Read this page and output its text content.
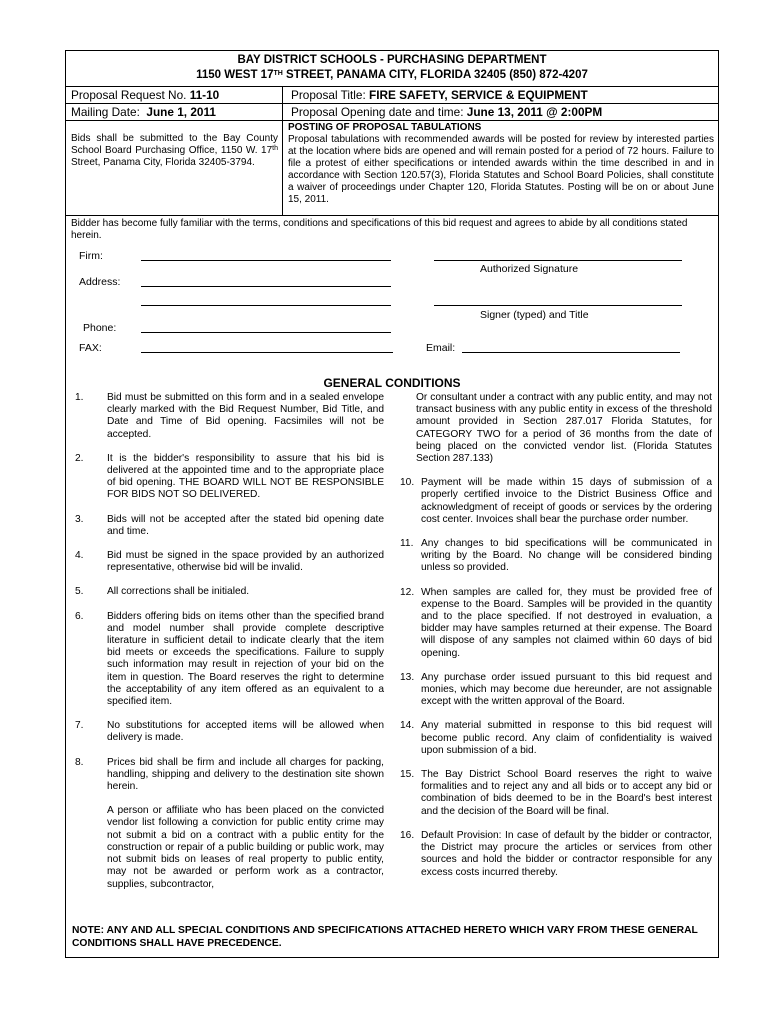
BAY DISTRICT SCHOOLS - PURCHASING DEPARTMENT
1150 WEST 17TH STREET, PANAMA CITY, FLORIDA 32405 (850) 872-4207
Proposal Request No. 11-10	Proposal Title: FIRE SAFETY, SERVICE & EQUIPMENT
Mailing Date:  June 1, 2011	Proposal Opening date and time: June 13, 2011 @ 2:00PM
Bids shall be submitted to the Bay County School Board Purchasing Office, 1150 W. 17th Street, Panama City, Florida 32405-3794.
POSTING OF PROPOSAL TABULATIONS
Proposal tabulations with recommended awards will be posted for review by interested parties at the location where bids are opened and will remain posted for a period of 72 hours. Failure to file a protest of either specifications or intended awards within the time described in and in accordance with Section 120.57(3), Florida Statutes and School Board Policies, shall constitute a waiver of proceedings under Chapter 120, Florida Statutes. Posting will be on or about June 15, 2011.
Bidder has become fully familiar with the terms, conditions and specifications of this bid request and agrees to abide by all conditions stated herein.
Firm:
Authorized Signature
Address:
Signer (typed) and Title
Phone:
FAX:	Email:
GENERAL CONDITIONS
1.	Bid must be submitted on this form and in a sealed envelope clearly marked with the Bid Request Number, Bid Title, and Date and Time of Bid opening. Facsimiles will not be accepted.
2.	It is the bidder's responsibility to assure that his bid is delivered at the appointed time and to the appropriate place of bid opening. THE BOARD WILL NOT BE RESPONSIBLE FOR BIDS NOT SO DELIVERED.
3.	Bids will not be accepted after the stated bid opening date and time.
4.	Bid must be signed in the space provided by an authorized representative, otherwise bid will be invalid.
5.	All corrections shall be initialed.
6.	Bidders offering bids on items other than the specified brand and model number shall provide complete descriptive literature in sufficient detail to indicate clearly that the item bid meets or exceeds the specifications. Failure to supply such information may result in rejection of your bid on the item in question. The Board reserves the right to determine the acceptability of any item offered as an equivalent to a specified item.
7.	No substitutions for accepted items will be allowed when delivery is made.
8.	Prices bid shall be firm and include all charges for packing, handling, shipping and delivery to the destination site shown herein.
A person or affiliate who has been placed on the convicted vendor list following a conviction for public entity crime may not submit a bid on a contract with a public entity for the construction or repair of a public building or public work, may not submit bids on leases of real property to public entity, may not be awarded or perform work as a contractor, supplies, subcontractor,
Or consultant under a contract with any public entity, and may not transact business with any public entity in excess of the threshold amount provided in Section 287.017 Florida Statutes, for CATEGORY TWO for a period of 36 months from the date of being placed on the convicted vendor list. (Florida Statutes Section 287.133)
10. Payment will be made within 15 days of submission of a properly certified invoice to the District Business Office and acknowledgment of receipt of goods or services by the ordering cost center. Invoices shall bear the purchase order number.
11. Any changes to bid specifications will be communicated in writing by the Board. No change will be considered binding unless so provided.
12. When samples are called for, they must be provided free of expense to the Board. Samples will be provided in the quantity and to the place specified. If not destroyed in evaluation, a bidder may have samples returned at their expense. The Board will dispose of any samples not claimed within 60 days of bid opening.
13. Any purchase order issued pursuant to this bid request and monies, which may become due hereunder, are not assignable except with the written approval of the Board.
14. Any material submitted in response to this bid request will become public record. Any claim of confidentiality is waived upon submission of a bid.
15. The Bay District School Board reserves the right to waive formalities and to reject any and all bids or to accept any bid or combination of bids deemed to be in the Board's best interest and the decision of the Board will be final.
16. Default Provision: In case of default by the bidder or contractor, the District may procure the articles or services from other sources and hold the bidder or contractor responsible for any excess costs incurred thereby.
NOTE: ANY AND ALL SPECIAL CONDITIONS AND SPECIFICATIONS ATTACHED HERETO WHICH VARY FROM THESE GENERAL CONDITIONS SHALL HAVE PRECEDENCE.
